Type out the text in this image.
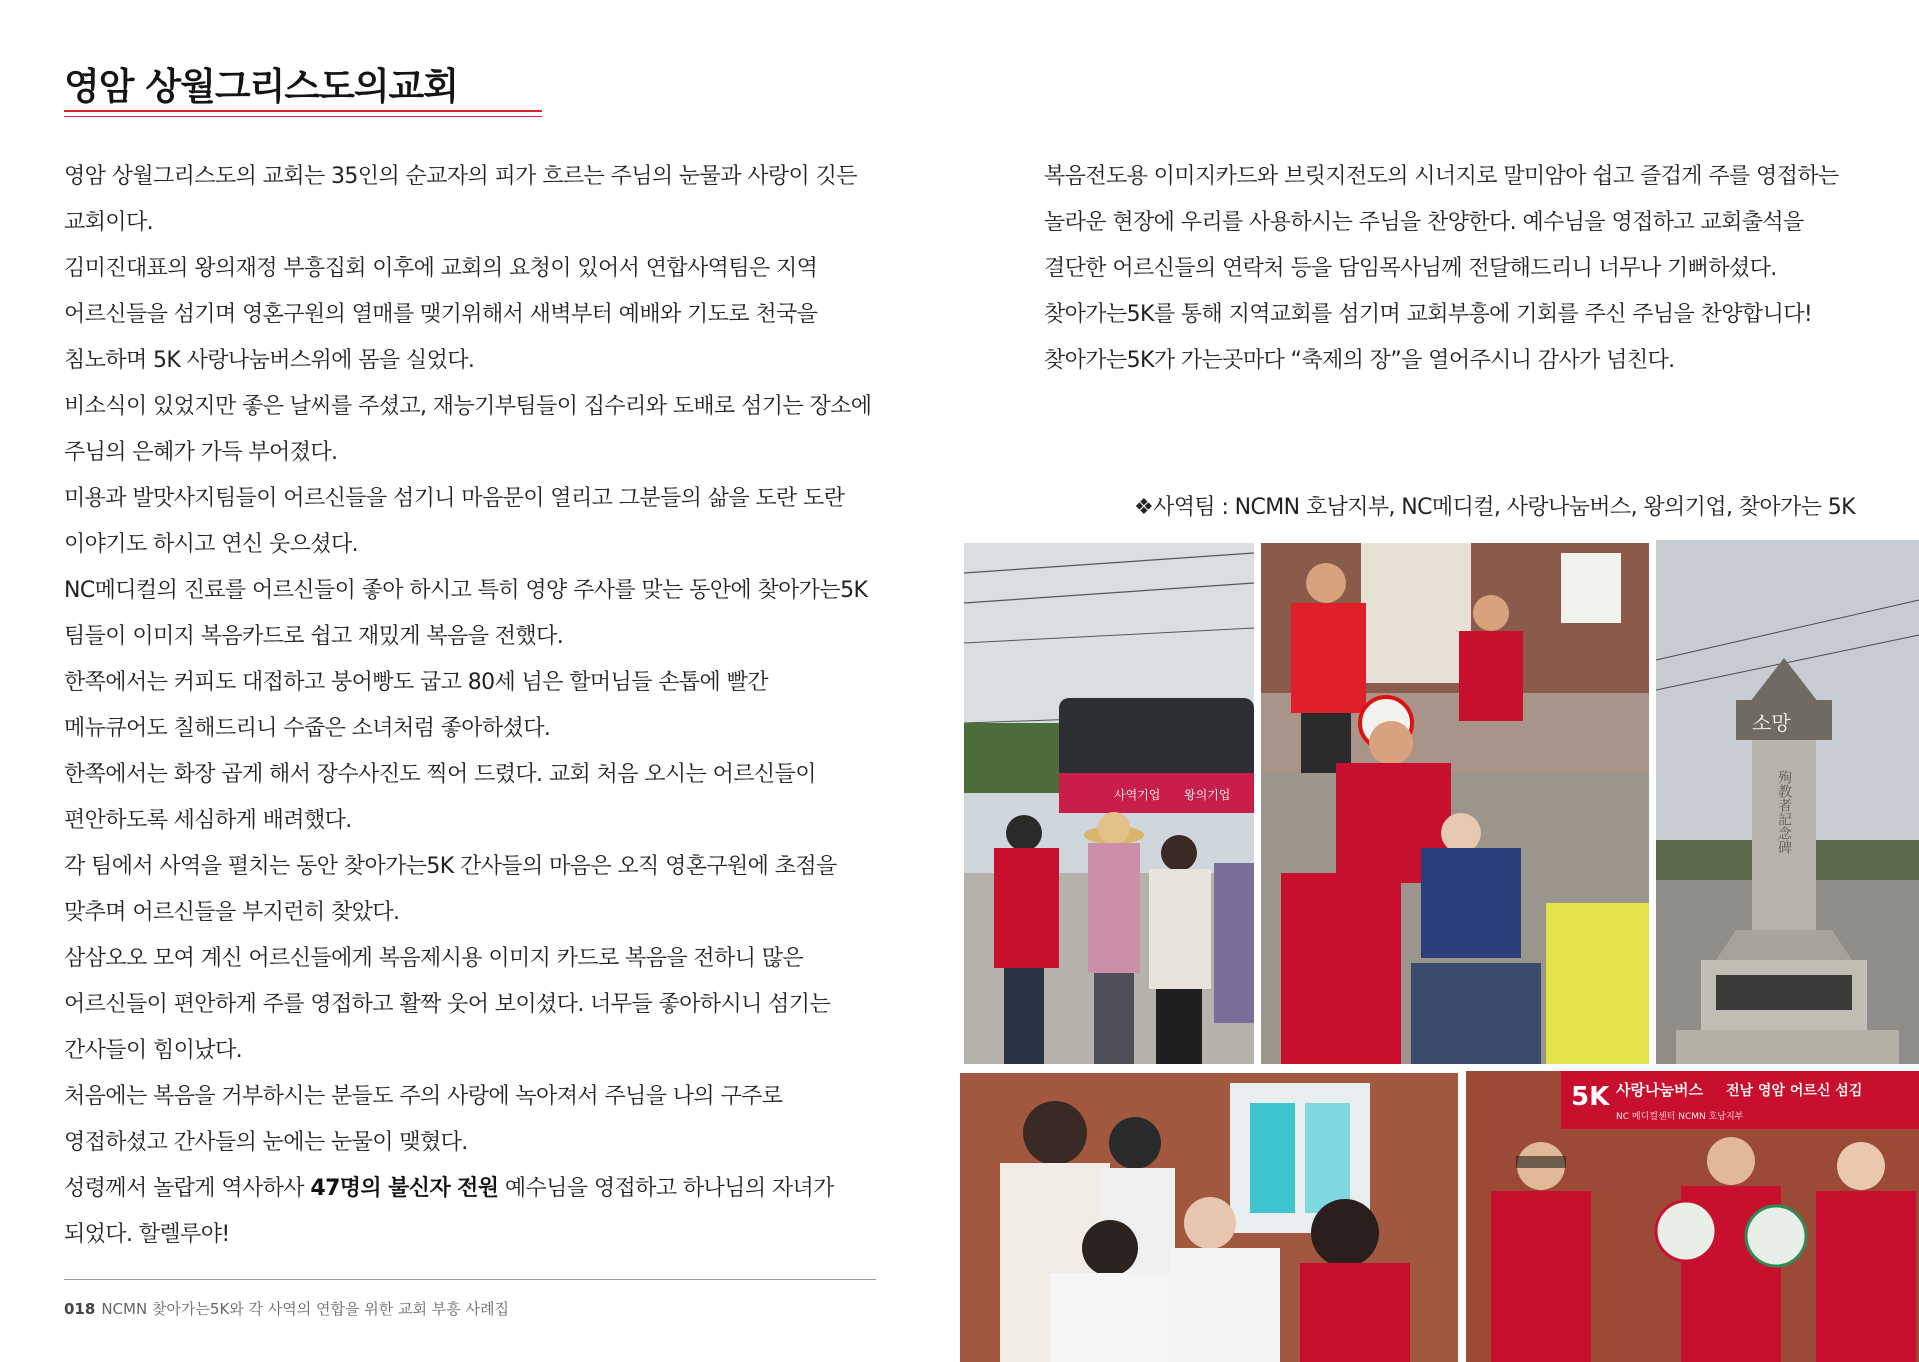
영암 상월그리스도의교회

영암 상월그리스도의 교회는 35인의 순교자의 피가 흐르는 주님의 눈물과 사랑이 깃든 교회이다.

김미진대표의 왕의재정 부흥집회 이후에 교회의 요청이 있어서 연합사역팀은 지역 어르신들을 섬기며 영혼구원의 열매를 맺기위해서 새벽부터 예배와 기도로 천국을 침노하며 5K 사랑나눔버스위에 몸을 실었다.

비소식이 있었지만 좋은 날씨를 주셨고, 재능기부팀들이 집수리와 도배로 섬기는 장소에 주님의 은혜가 가득 부어졌다.

미용과 발맛사지팀들이 어르신들을 섬기니 마음문이 열리고 그분들의 삶을 도란 도란 이야기도 하시고 연신 웃으셨다.

NC메디컬의 진료를 어르신들이 좋아 하시고 특히 영양 주사를 맞는 동안에 찾아가는5K 팀들이 이미지 복음카드로 쉽고 재밌게 복음을 전했다.

한쪽에서는 커피도 대접하고 붕어빵도 굽고 80세 넘은 할머님들 손톱에 빨간 메뉴큐어도 칠해드리니 수줍은 소녀처럼 좋아하셨다.

한쪽에서는 화장 곱게 해서 장수사진도 찍어 드렸다. 교회 처음 오시는 어르신들이 편안하도록 세심하게 배려했다.

각 팀에서 사역을 펼치는 동안 찾아가는5K 간사들의 마음은 오직 영혼구원에 초점을 맞추며 어르신들을 부지런히 찾았다.

삼삼오오 모여 계신 어르신들에게 복음제시용 이미지 카드로 복음을 전하니 많은 어르신들이 편안하게 주를 영접하고 활짝 웃어 보이셨다. 너무들 좋아하시니 섬기는 간사들이 힘이났다.

처음에는 복음을 거부하시는 분들도 주의 사랑에 녹아져서 주님을 나의 구주로 영접하셨고 간사들의 눈에는 눈물이 맺혔다.

성령께서 놀랍게 역사하사 47명의 불신자 전원 예수님을 영접하고 하나님의 자녀가 되었다. 할렐루야!

복음전도용 이미지카드와 브릿지전도의 시너지로 말미암아 쉽고 즐겁게 주를 영접하는 놀라운 현장에 우리를 사용하시는 주님을 찬양한다. 예수님을 영접하고 교회출석을 결단한 어르신들의 연락처 등을 담임목사님께 전달해드리니 너무나 기뻐하셨다.

찾아가는5K를 통해 지역교회를 섬기며 교회부흥에 기회를 주신 주님을 찬양합니다!

찾아가는5K가 가는곳마다 “축제의 장”을 열어주시니 감사가 넘친다.

❖사역팀 : NCMN 호남지부, NC메디컬, 사랑나눔버스, 왕의기업, 찾아가는 5K

사역기업 왕의기업
소망
殉教者記念碑
5K 사랑나눔버스 전남 영암 어르신 섬김
NC 메디컬센터 NCMN 호남지부

018 NCMN 찾아가는5K와 각 사역의 연합을 위한 교회 부흥 사례집
